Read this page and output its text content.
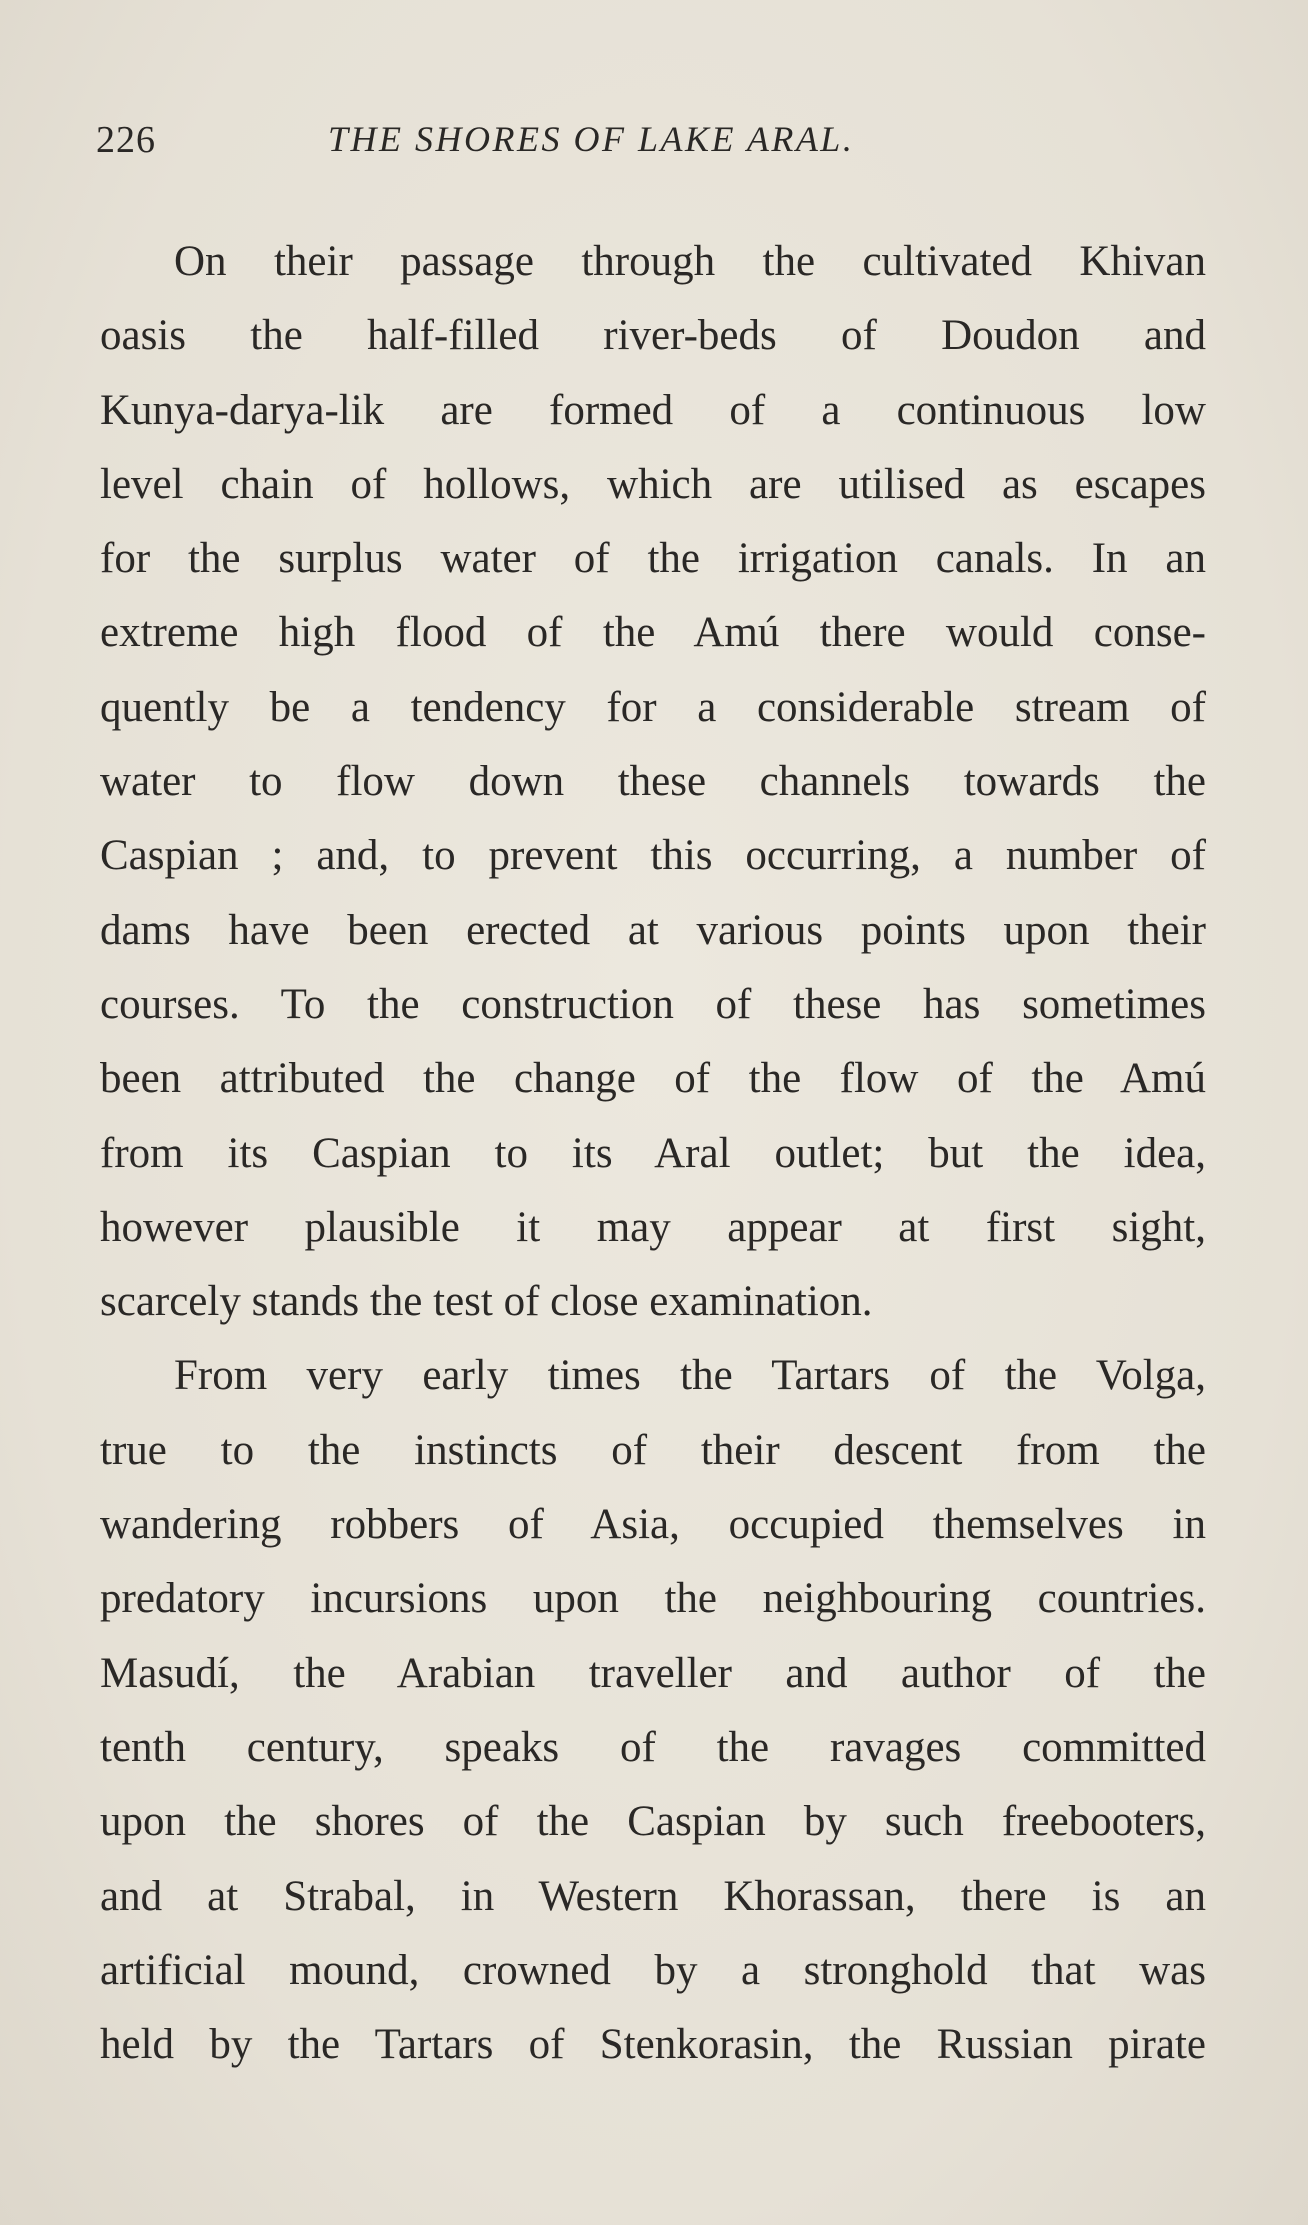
226	THE SHORES OF LAKE ARAL.
On their passage through the cultivated Khivan
oasis the half-filled river-beds of Doudon and
Kunya-darya-lik are formed of a continuous low
level chain of hollows, which are utilised as escapes
for the surplus water of the irrigation canals. In an
extreme high flood of the Amú there would conse-
quently be a tendency for a considerable stream of
water to flow down these channels towards the
Caspian ; and, to prevent this occurring, a number of
dams have been erected at various points upon their
courses. To the construction of these has sometimes
been attributed the change of the flow of the Amú
from its Caspian to its Aral outlet; but the idea,
however plausible it may appear at first sight,
scarcely stands the test of close examination.
From very early times the Tartars of the Volga,
true to the instincts of their descent from the
wandering robbers of Asia, occupied themselves in
predatory incursions upon the neighbouring countries.
Masudí, the Arabian traveller and author of the
tenth century, speaks of the ravages committed
upon the shores of the Caspian by such freebooters,
and at Strabal, in Western Khorassan, there is an
artificial mound, crowned by a stronghold that was
held by the Tartars of Stenkorasin, the Russian pirate
